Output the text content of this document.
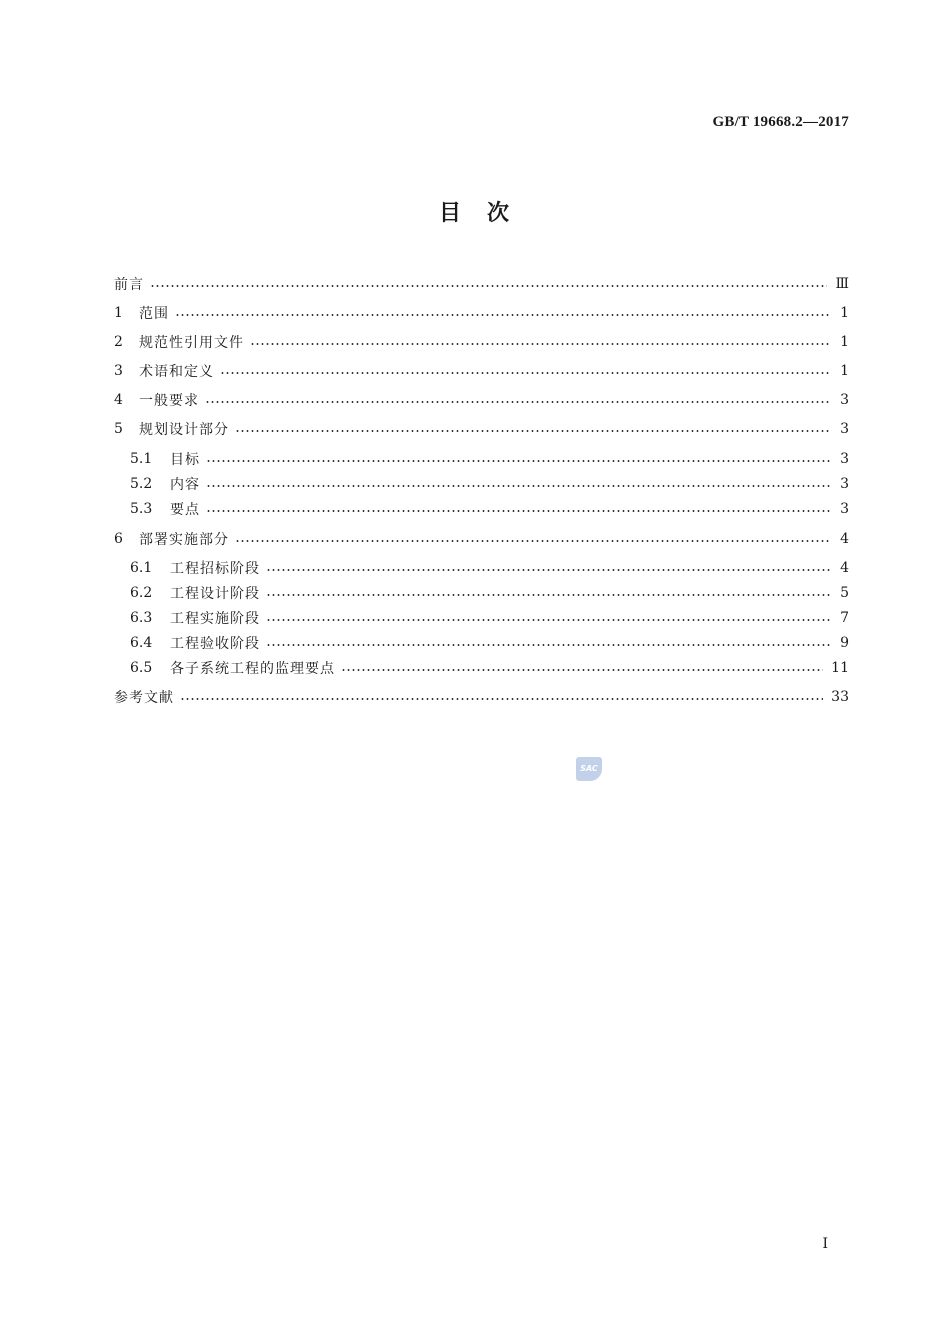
GB/T 19668.2—2017
目　次
前言	Ⅲ
1	范围	1
2	规范性引用文件	1
3	术语和定义	1
4	一般要求	3
5	规划设计部分	3
5.1	目标	3
5.2	内容	3
5.3	要点	3
6	部署实施部分	4
6.1	工程招标阶段	4
6.2	工程设计阶段	5
6.3	工程实施阶段	7
6.4	工程验收阶段	9
6.5	各子系统工程的监理要点	11
参考文献	33
SAC
I
